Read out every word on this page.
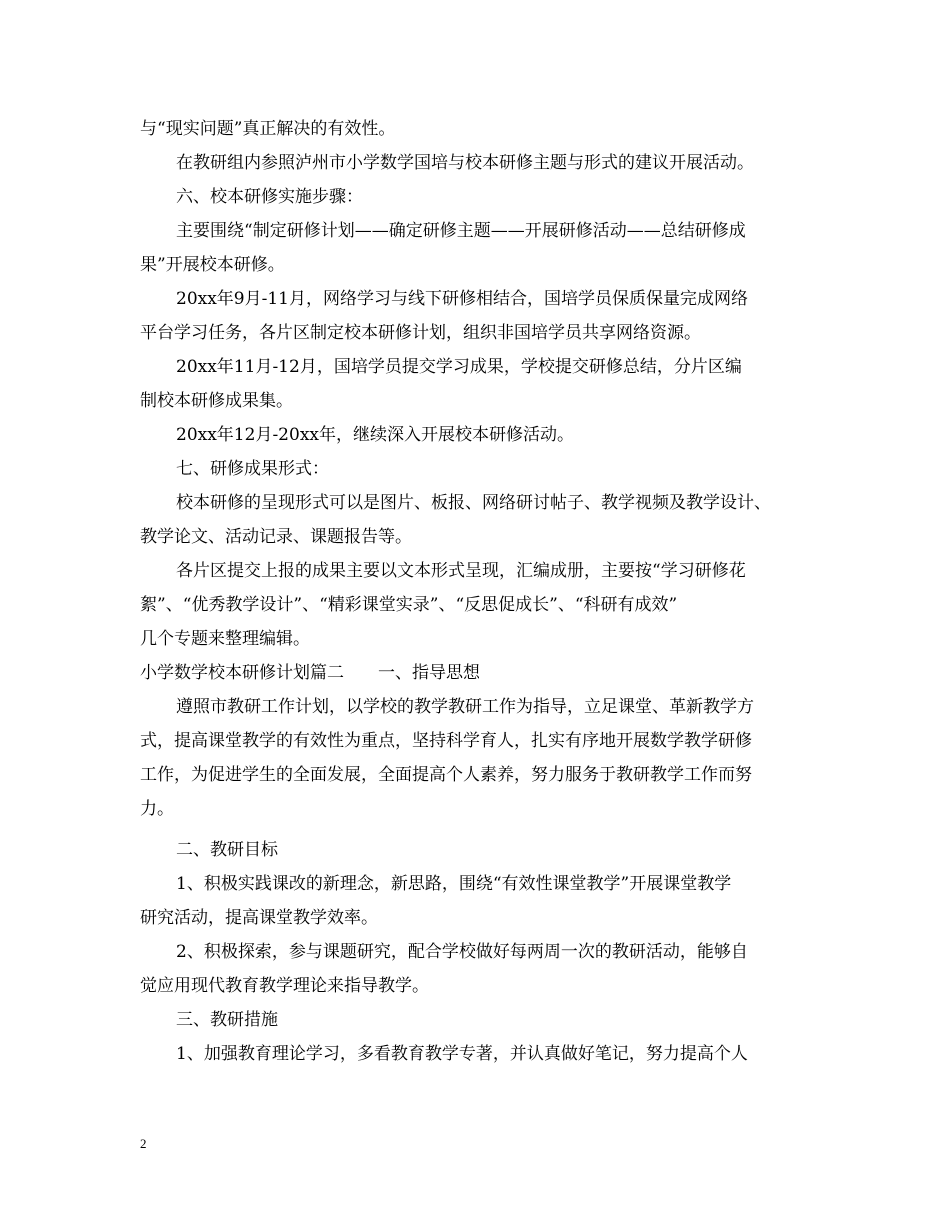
与“现实问题”真正解决的有效性。
在教研组内参照泸州市小学数学国培与校本研修主题与形式的建议开展活动。
六、校本研修实施步骤：
主要围绕“制定研修计划——确定研修主题——开展研修活动——总结研修成
果”开展校本研修。
20xx年9月-11月，网络学习与线下研修相结合，国培学员保质保量完成网络
平台学习任务，各片区制定校本研修计划，组织非国培学员共享网络资源。
20xx年11月-12月，国培学员提交学习成果，学校提交研修总结，分片区编
制校本研修成果集。
20xx年12月-20xx年，继续深入开展校本研修活动。
七、研修成果形式：
校本研修的呈现形式可以是图片、板报、网络研讨帖子、教学视频及教学设计、
教学论文、活动记录、课题报告等。
各片区提交上报的成果主要以文本形式呈现，汇编成册，主要按“学习研修花
絮”、“优秀教学设计”、“精彩课堂实录”、“反思促成长”、“科研有成效”
几个专题来整理编辑。
小学数学校本研修计划篇二　　一、指导思想
遵照市教研工作计划，以学校的教学教研工作为指导，立足课堂、革新教学方
式，提高课堂教学的有效性为重点，坚持科学育人，扎实有序地开展数学教学研修
工作，为促进学生的全面发展，全面提高个人素养，努力服务于教研教学工作而努
力。
二、教研目标
1、积极实践课改的新理念，新思路，围绕“有效性课堂教学”开展课堂教学
研究活动，提高课堂教学效率。
2、积极探索，参与课题研究，配合学校做好每两周一次的教研活动，能够自
觉应用现代教育教学理论来指导教学。
三、教研措施
1、加强教育理论学习，多看教育教学专著，并认真做好笔记，努力提高个人
2
